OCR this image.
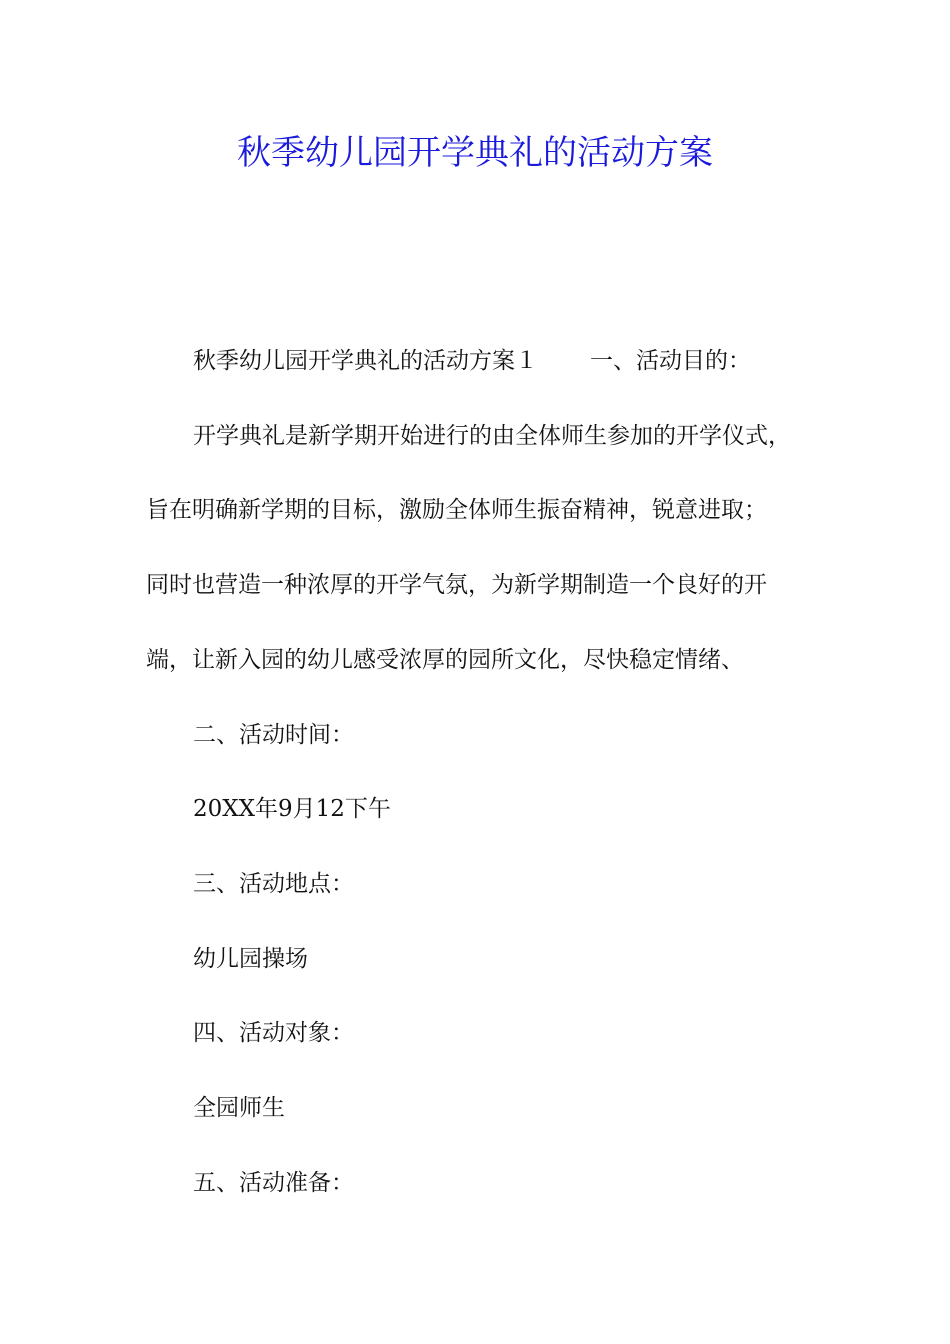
秋季幼儿园开学典礼的活动方案
秋季幼儿园开学典礼的活动方案１ 一、活动目的：
开学典礼是新学期开始进行的由全体师生参加的开学仪式，
旨在明确新学期的目标，激励全体师生振奋精神，锐意进取；
同时也营造一种浓厚的开学气氛，为新学期制造一个良好的开
端，让新入园的幼儿感受浓厚的园所文化，尽快稳定情绪、
二、活动时间：
20XX年9月12下午
三、活动地点：
幼儿园操场
四、活动对象：
全园师生
五、活动准备：
